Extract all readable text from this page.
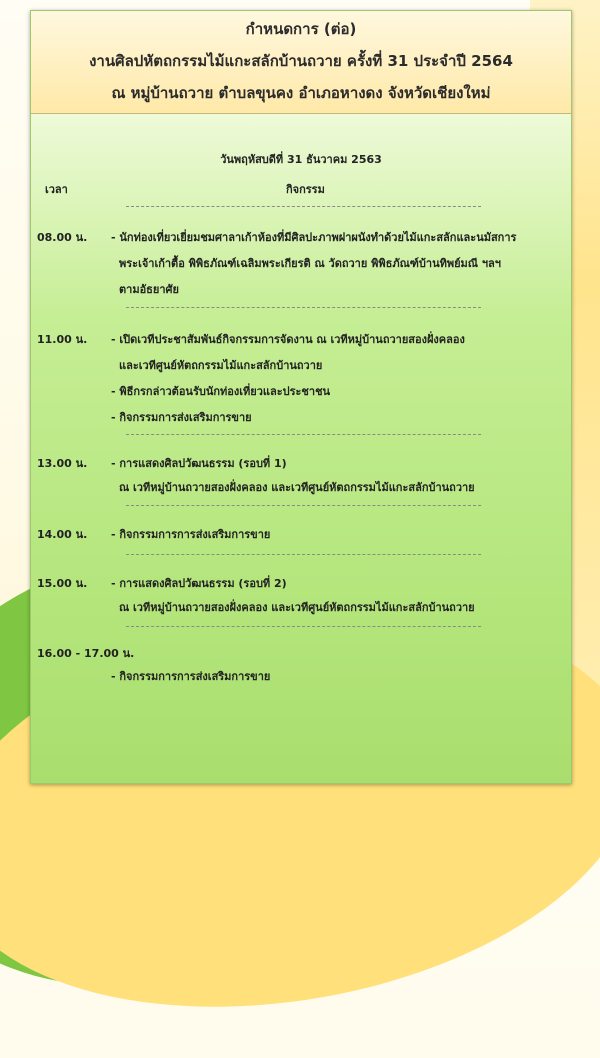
กำหนดการ (ต่อ)
งานศิลปหัตถกรรมไม้แกะสลักบ้านถวาย ครั้งที่ 31 ประจำปี 2564
ณ หมู่บ้านถวาย ตำบลขุนคง อำเภอหางดง จังหวัดเชียงใหม่
วันพฤหัสบดีที่ 31 ธันวาคม 2563
เวลา	กิจกรรม
08.00 น. - นักท่องเที่ยวเยี่ยมชมศาลาเก้าห้องที่มีศิลปะภาพฝาผนังทำด้วยไม้แกะสลักและนมัสการ
พระเจ้าเก้าตื้อ พิพิธภัณฑ์เฉลิมพระเกียรติ ณ วัดถวาย พิพิธภัณฑ์บ้านทิพย์มณี ฯลฯ
ตามอัธยาศัย
11.00 น. - เปิดเวทีประชาสัมพันธ์กิจกรรมการจัดงาน ณ เวทีหมู่บ้านถวายสองฝั่งคลอง
และเวทีศูนย์หัตถกรรมไม้แกะสลักบ้านถวาย
- พิธีกรกล่าวต้อนรับนักท่องเที่ยวและประชาชน
- กิจกรรมการส่งเสริมการขาย
13.00 น. - การแสดงศิลปวัฒนธรรม (รอบที่ 1)
ณ เวทีหมู่บ้านถวายสองฝั่งคลอง และเวทีศูนย์หัตถกรรมไม้แกะสลักบ้านถวาย
14.00 น. - กิจกรรมการการส่งเสริมการขาย
15.00 น. - การแสดงศิลปวัฒนธรรม (รอบที่ 2)
ณ เวทีหมู่บ้านถวายสองฝั่งคลอง และเวทีศูนย์หัตถกรรมไม้แกะสลักบ้านถวาย
16.00 - 17.00 น.
- กิจกรรมการการส่งเสริมการขาย
